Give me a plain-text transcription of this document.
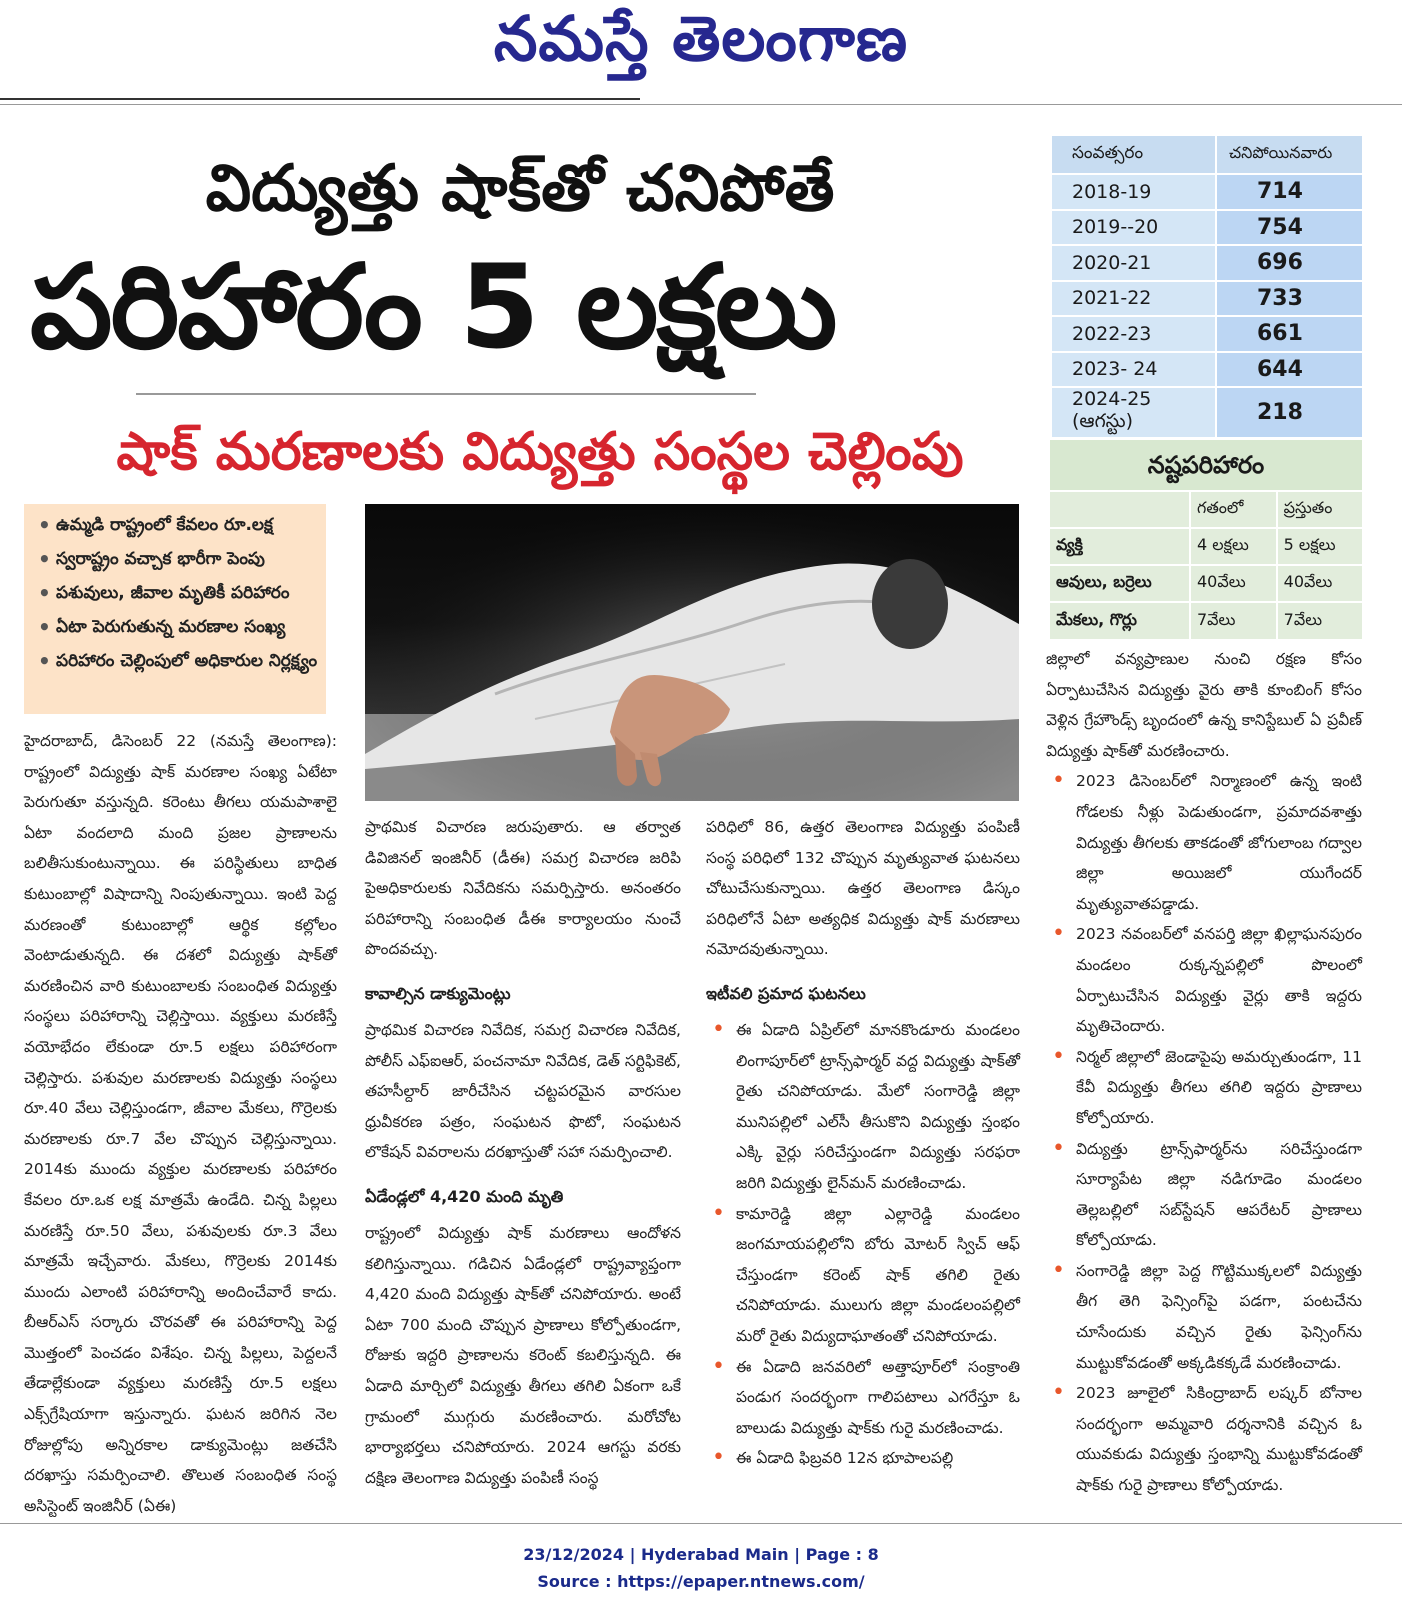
నమస్తే తెలంగాణ
విద్యుత్తు షాక్‌తో చనిపోతే
పరిహారం 5 లక్షలు
షాక్‌ మరణాలకు విద్యుత్తు సంస్థల చెల్లింపు
సంవత్సరం	చనిపోయినవారు
2018-19	714
2019--20	754
2020-21	696
2021-22	733
2022-23	661
2023- 24	644
2024-25 (ఆగస్టు)	218
నష్టపరిహారం
	గతంలో	ప్రస్తుతం
వ్యక్తి	4 లక్షలు	5 లక్షలు
ఆవులు, బర్రెలు	40వేలు	40వేలు
మేకలు, గొర్లు	7వేలు	7వేలు
• ఉమ్మడి రాష్ట్రంలో కేవలం రూ.లక్ష
• స్వరాష్ట్రం వచ్చాక భారీగా పెంపు
• పశువులు, జీవాల మృతికీ పరిహారం
• ఏటా పెరుగుతున్న మరణాల సంఖ్య
• పరిహారం చెల్లింపులో అధికారుల నిర్లక్ష్యం

హైదరాబాద్‌, డిసెంబర్‌ 22 (నమస్తే తెలంగాణ): రాష్ట్రంలో విద్యుత్తు షాక్‌ మరణాల సంఖ్య ఏటేటా పెరుగుతూ వస్తున్నది. కరెంటు తీగలు యమపాశాలై ఏటా వందలాది మంది ప్రజల ప్రాణాలను బలితీసుకుంటున్నాయి. ఈ పరిస్థితులు బాధిత కుటుంబాల్లో విషాదాన్ని నింపుతున్నాయి. ఇంటి పెద్ద మరణంతో కుటుంబాల్లో ఆర్థిక కల్లోలం వెంటాడుతున్నది. ఈ దశలో విద్యుత్తు షాక్‌తో మరణించిన వారి కుటుంబాలకు సంబంధిత విద్యుత్తు సంస్థలు పరిహారాన్ని చెల్లిస్తాయి. వ్యక్తులు మరణిస్తే వయోభేదం లేకుండా రూ.5 లక్షలు పరిహారంగా చెల్లిస్తారు. పశువుల మరణాలకు విద్యుత్తు సంస్థలు రూ.40 వేలు చెల్లిస్తుండగా, జీవాల మేకలు, గొర్రెలకు మరణాలకు రూ.7 వేల చొప్పున చెల్లిస్తున్నాయి. 2014కు ముందు వ్యక్తుల మరణాలకు పరిహారం కేవలం రూ.ఒక లక్ష మాత్రమే ఉండేది. చిన్న పిల్లలు మరణిస్తే రూ.50 వేలు, పశువులకు రూ.3 వేలు మాత్రమే ఇచ్చేవారు. మేకలు, గొర్రెలకు 2014కు ముందు ఎలాంటి పరిహారాన్ని అందించేవారే కాదు. బీఆర్‌ఎస్‌ సర్కారు చొరవతో ఈ పరిహారాన్ని పెద్ద మొత్తంలో పెంచడం విశేషం. చిన్న పిల్లలు, పెద్దలనే తేడాల్లేకుండా వ్యక్తులు మరణిస్తే రూ.5 లక్షలు ఎక్స్‌గ్రేషియాగా ఇస్తున్నారు. ఘటన జరిగిన నెల రోజుల్లోపు అన్నిరకాల డాక్యుమెంట్లు జతచేసి దరఖాస్తు సమర్పించాలి. తొలుత సంబంధిత సంస్థ అసిస్టెంట్‌ ఇంజినీర్‌ (ఏఈ)

ప్రాథమిక విచారణ జరుపుతారు. ఆ తర్వాత డివిజినల్‌ ఇంజినీర్‌ (డీఈ) సమగ్ర విచారణ జరిపి పైఅధికారులకు నివేదికను సమర్పిస్తారు. అనంతరం పరిహారాన్ని సంబంధిత డీఈ కార్యాలయం నుంచే పొందవచ్చు.

కావాల్సిన డాక్యుమెంట్లు

ప్రాథమిక విచారణ నివేదిక, సమగ్ర విచారణ నివేదిక, పోలీస్‌ ఎఫ్‌ఐఆర్‌, పంచనామా నివేదిక, డెత్‌ సర్టిఫికెట్‌, తహసీల్దార్‌ జారీచేసిన చట్టపరమైన వారసుల ధ్రువీకరణ పత్రం, సంఘటన ఫొటో, సంఘటన లొకేషన్‌ వివరాలను దరఖాస్తుతో సహా సమర్పించాలి.

ఏడేండ్లలో 4,420 మంది మృతి

రాష్ట్రంలో విద్యుత్తు షాక్‌ మరణాలు ఆందోళన కలిగిస్తున్నాయి. గడిచిన ఏడేండ్లలో రాష్ట్రవ్యాప్తంగా 4,420 మంది విద్యుత్తు షాక్‌తో చనిపోయారు. అంటే ఏటా 700 మంది చొప్పున ప్రాణాలు కోల్పోతుండగా, రోజుకు ఇద్దరి ప్రాణాలను కరెంట్‌ కబలిస్తున్నది. ఈ ఏడాది మార్చిలో విద్యుత్తు తీగలు తగిలి ఏకంగా ఒకే గ్రామంలో ముగ్గురు మరణించారు. మరోచోట భార్యాభర్తలు చనిపోయారు. 2024 ఆగస్టు వరకు దక్షిణ తెలంగాణ విద్యుత్తు పంపిణీ సంస్థ

పరిధిలో 86, ఉత్తర తెలంగాణ విద్యుత్తు పంపిణీ సంస్థ పరిధిలో 132 చొప్పున మృత్యువాత ఘటనలు చోటుచేసుకున్నాయి. ఉత్తర తెలంగాణ డిస్కం పరిధిలోనే ఏటా అత్యధిక విద్యుత్తు షాక్‌ మరణాలు నమోదవుతున్నాయి.

ఇటీవలి ప్రమాద ఘటనలు
• ఈ ఏడాది ఏప్రిల్‌లో మానకొండూరు మండలం లింగాపూర్‌లో ట్రాన్స్‌ఫార్మర్‌ వద్ద విద్యుత్తు షాక్‌తో రైతు చనిపోయాడు. మేలో సంగారెడ్డి జిల్లా మునిపల్లిలో ఎల్‌సీ తీసుకొని విద్యుత్తు స్తంభం ఎక్కి వైర్లు సరిచేస్తుండగా విద్యుత్తు సరఫరా జరిగి విద్యుత్తు లైన్‌మన్‌ మరణించాడు.
• కామారెడ్డి జిల్లా ఎల్లారెడ్డి మండలం జంగమాయపల్లిలోని బోరు మోటర్‌ స్విచ్‌ ఆఫ్‌ చేస్తుండగా కరెంట్‌ షాక్‌ తగిలి రైతు చనిపోయాడు. ములుగు జిల్లా మండలంపల్లిలో మరో రైతు విద్యుదాఘాతంతో చనిపోయాడు.
• ఈ ఏడాది జనవరిలో అత్తాపూర్‌లో సంక్రాంతి పండుగ సందర్భంగా గాలిపటాలు ఎగరేస్తూ ఓ బాలుడు విద్యుత్తు షాక్‌కు గురై మరణించాడు.
• ఈ ఏడాది ఫిబ్రవరి 12న భూపాలపల్లి

జిల్లాలో వన్యప్రాణుల నుంచి రక్షణ కోసం ఏర్పాటుచేసిన విద్యుత్తు వైరు తాకి కూంబింగ్‌ కోసం వెళ్లిన గ్రేహౌండ్స్‌ బృందంలో ఉన్న కానిస్టేబుల్‌ ఏ ప్రవీణ్‌ విద్యుత్తు షాక్‌తో మరణించారు.

• 2023 డిసెంబర్‌లో నిర్మాణంలో ఉన్న ఇంటి గోడలకు నీళ్లు పెడుతుండగా, ప్రమాదవశాత్తు విద్యుత్తు తీగలకు తాకడంతో జోగులాంబ గద్వాల జిల్లా అయిజలో యుగేందర్‌ మృత్యువాతపడ్డాడు.
• 2023 నవంబర్‌లో వనపర్తి జిల్లా ఖిల్లాఘనపురం మండలం రుక్కన్నపల్లిలో పొలంలో ఏర్పాటుచేసిన విద్యుత్తు వైర్లు తాకి ఇద్దరు మృతిచెందారు.
• నిర్మల్‌ జిల్లాలో జెండాపైపు అమర్చుతుండగా, 11 కేవీ విద్యుత్తు తీగలు తగిలి ఇద్దరు ప్రాణాలు కోల్పోయారు.
• విద్యుత్తు ట్రాన్స్‌ఫార్మర్‌ను సరిచేస్తుండగా సూర్యాపేట జిల్లా నడిగూడెం మండలం తెల్లబల్లిలో సబ్‌స్టేషన్‌ ఆపరేటర్‌ ప్రాణాలు కోల్పోయాడు.
• సంగారెడ్డి జిల్లా పెద్ద గొట్టిముక్కలలో విద్యుత్తు తీగ తెగి ఫెన్సింగ్‌పై పడగా, పంటచేను చూసేందుకు వచ్చిన రైతు ఫెన్సింగ్‌ను ముట్టుకోవడంతో అక్కడికక్కడే మరణించాడు.
• 2023 జూలైలో సికింద్రాబాద్‌ లష్కర్‌ బోనాల సందర్భంగా అమ్మవారి దర్శనానికి వచ్చిన ఓ యువకుడు విద్యుత్తు స్తంభాన్ని ముట్టుకోవడంతో షాక్‌కు గురై ప్రాణాలు కోల్పోయాడు.
23/12/2024 | Hyderabad Main | Page : 8
Source : https://epaper.ntnews.com/
